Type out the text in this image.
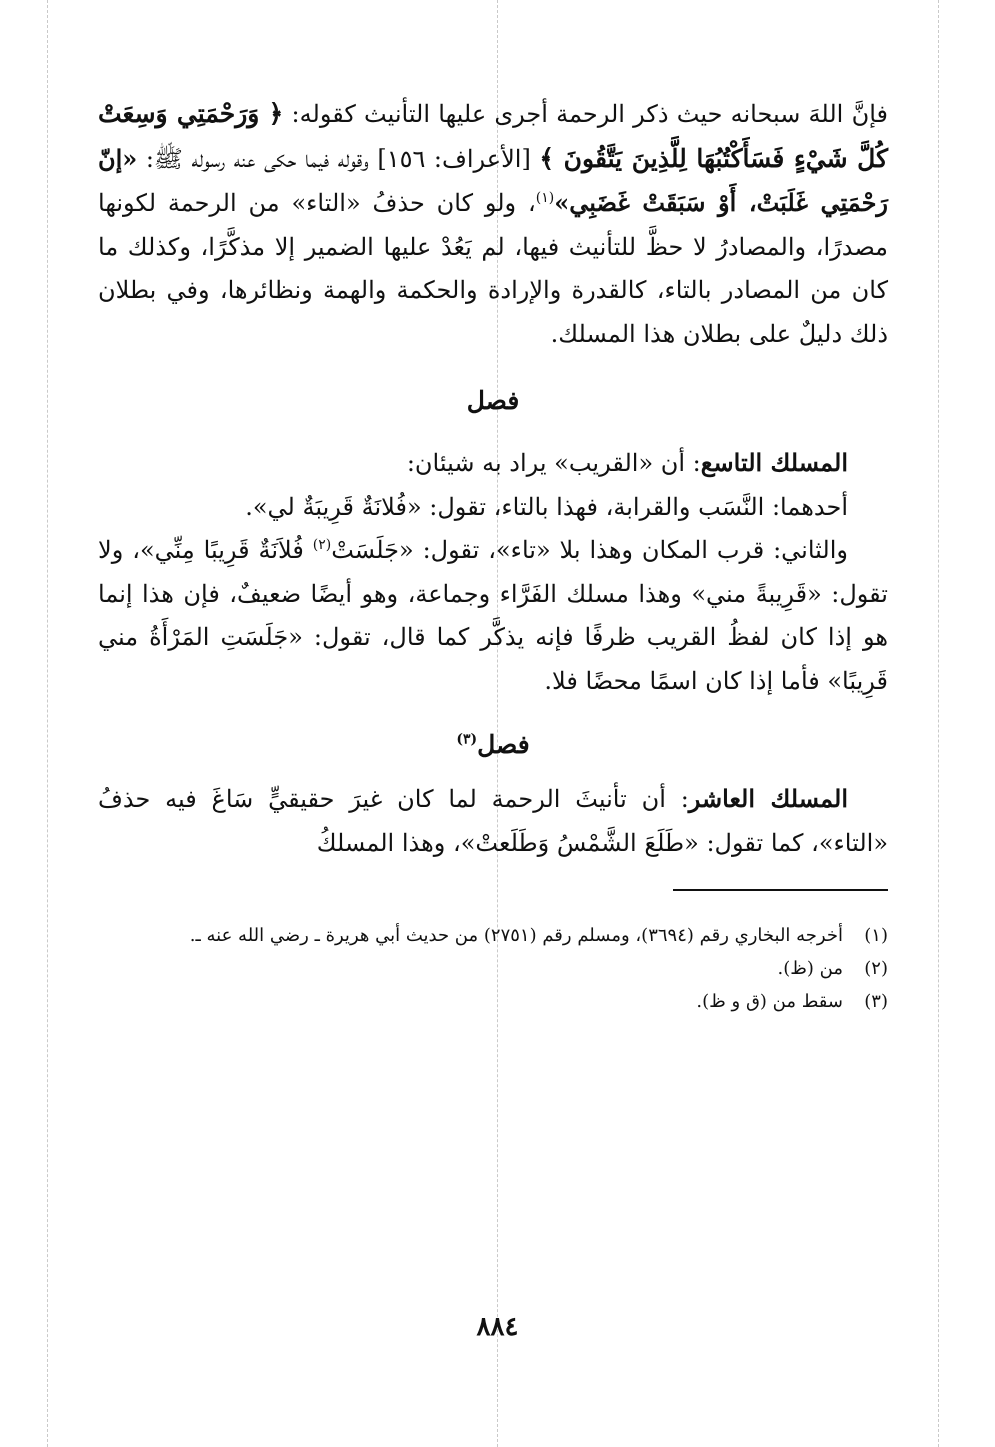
فإنَّ اللهَ سبحانه حيث ذكر الرحمة أجرى عليها التأنيث كقوله: ﴿ وَرَحْمَتِي وَسِعَتْ كُلَّ شَيْءٍ فَسَأَكْتُبُهَا لِلَّذِينَ يَتَّقُونَ ﴾ [الأعراف: ١٥٦] وقوله فيما حكى عنه رسوله ﷺ: «إنّ رَحْمَتِي غَلَبَتْ، أَوْ سَبَقَتْ غَضَبِي»$^{(١)}$، ولو كان حذفُ «التاء» من الرحمة لكونها مصدرًا، والمصادرُ لا حظَّ للتأنيث فيها، لم يَعُدْ عليها الضمير إلا مذكَّرًا، وكذلك ما كان من المصادر بالتاء، كالقدرة والإرادة والحكمة والهمة ونظائرها، وفي بطلان ذلك دليلٌ على بطلان هذا المسلك.

فصل

المسلك التاسع: أن «القريب» يراد به شيئان:

أحدهما: النَّسَب والقرابة، فهذا بالتاء، تقول: «فُلانَةٌ قَرِيبَةٌ لي».

والثاني: قرب المكان وهذا بلا «تاء»، تقول: «جَلَسَتْ$^{(٢)}$ فُلاَنَةٌ قَرِيبًا مِنِّي»، ولا تقول: «قَرِيبةً مني» وهذا مسلك الفَرَّاء وجماعة، وهو أيضًا ضعيفٌ، فإن هذا إنما هو إذا كان لفظُ القريب ظرفًا فإنه يذكَّر كما قال، تقول: «جَلَسَتِ المَرْأَةُ مني قَرِيبًا» فأما إذا كان اسمًا محضًا فلا.

فصل$^{(٣)}$

المسلك العاشر: أن تأنيثَ الرحمة لما كان غيرَ حقيقيٍّ سَاغَ فيه حذفُ «التاء»، كما تقول: «طَلَعَ الشَّمْسُ وَطَلَعتْ»، وهذا المسلكُ

(١)أخرجه البخاري رقم (٣٦٩٤)، ومسلم رقم (٢٧٥١) من حديث أبي هريرة ـ رضي الله عنه ـ.

(٢)من (ظ).

(٣)سقط من (ق و ظ).

٨٨٤
